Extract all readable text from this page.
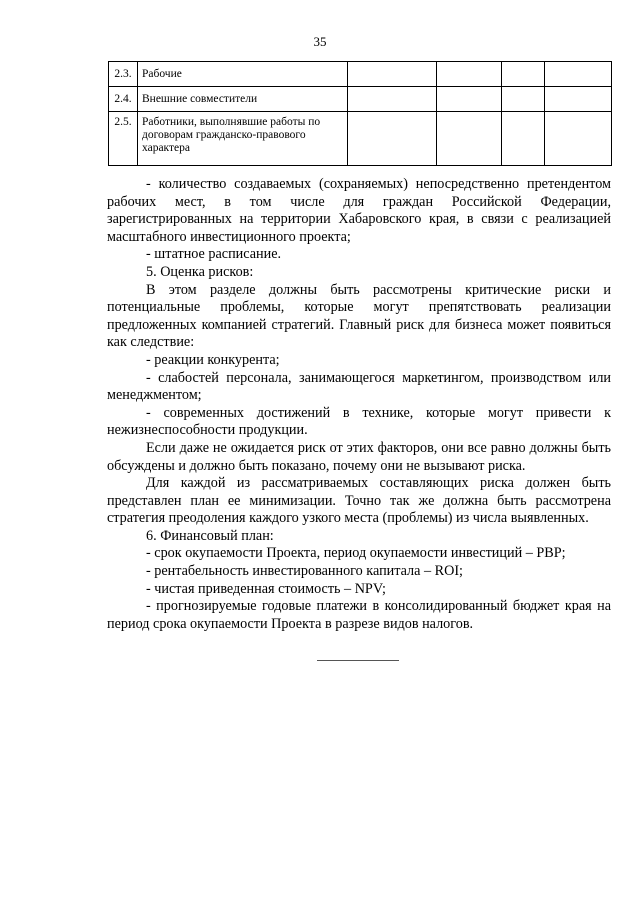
35
2.3.	Рабочие				
2.4.	Внешние совместители				
2.5.	Работники, выполнявшие работы по договорам гражданско-правового характера				

- количество создаваемых (сохраняемых) непосредственно претендентом рабочих мест, в том числе для граждан Российской Федерации, зарегистрированных на территории Хабаровского края, в связи с реализацией масштабного инвестиционного проекта;

- штатное расписание.

5. Оценка рисков:

В этом разделе должны быть рассмотрены критические риски и потенциальные проблемы, которые могут препятствовать реализации предложенных компанией стратегий. Главный риск для бизнеса может появиться как следствие:

- реакции конкурента;

- слабостей персонала, занимающегося маркетингом, производством или менеджментом;

- современных достижений в технике, которые могут привести к нежизнеспособности продукции.

Если даже не ожидается риск от этих факторов, они все равно должны быть обсуждены и должно быть показано, почему они не вызывают риска.

Для каждой из рассматриваемых составляющих риска должен быть представлен план ее минимизации. Точно так же должна быть рассмотрена стратегия преодоления каждого узкого места (проблемы) из числа выявленных.

6. Финансовый план:

- срок окупаемости Проекта, период окупаемости инвестиций – PBP;

- рентабельность инвестированного капитала – ROI;

- чистая приведенная стоимость – NPV;

- прогнозируемые годовые платежи в консолидированный бюджет края на период срока окупаемости Проекта в разрезе видов налогов.
